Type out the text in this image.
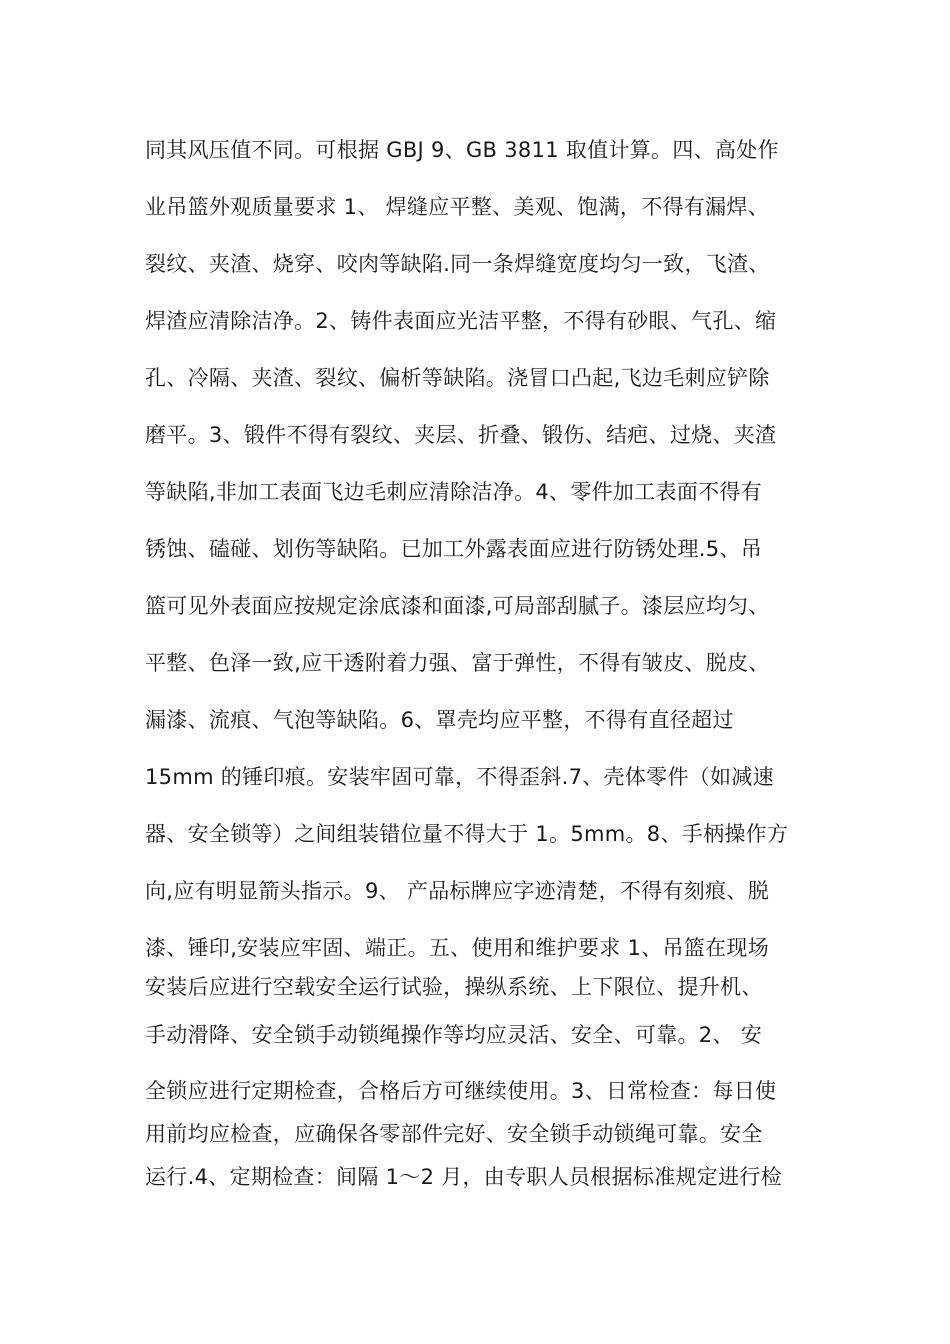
同其风压值不同。可根据 GBJ 9、GB 3811 取值计算。四、高处作
业吊篮外观质量要求 1、 焊缝应平整、美观、饱满，不得有漏焊、
裂纹、夹渣、烧穿、咬肉等缺陷.同一条焊缝宽度均匀一致，飞渣、
焊渣应清除洁净。2、铸件表面应光洁平整，不得有砂眼、气孔、缩
孔、冷隔、夹渣、裂纹、偏析等缺陷。浇冒口凸起,飞边毛刺应铲除
磨平。3、锻件不得有裂纹、夹层、折叠、锻伤、结疤、过烧、夹渣
等缺陷,非加工表面飞边毛刺应清除洁净。4、零件加工表面不得有
锈蚀、磕碰、划伤等缺陷。已加工外露表面应进行防锈处理.5、吊
篮可见外表面应按规定涂底漆和面漆,可局部刮腻子。漆层应均匀、
平整、色泽一致,应干透附着力强、富于弹性，不得有皱皮、脱皮、
漏漆、流痕、气泡等缺陷。6、罩壳均应平整，不得有直径超过
15mm 的锤印痕。安装牢固可靠，不得歪斜.7、壳体零件（如减速
器、安全锁等）之间组装错位量不得大于 1。5mm。8、手柄操作方
向,应有明显箭头指示。9、 产品标牌应字迹清楚，不得有刻痕、脱
漆、锤印,安装应牢固、端正。五、使用和维护要求 1、吊篮在现场
安装后应进行空载安全运行试验，操纵系统、上下限位、提升机、
手动滑降、安全锁手动锁绳操作等均应灵活、安全、可靠。2、 安
全锁应进行定期检查，合格后方可继续使用。3、日常检查：每日使
用前均应检查，应确保各零部件完好、安全锁手动锁绳可靠。安全
运行.4、定期检查：间隔 1～2 月，由专职人员根据标准规定进行检
